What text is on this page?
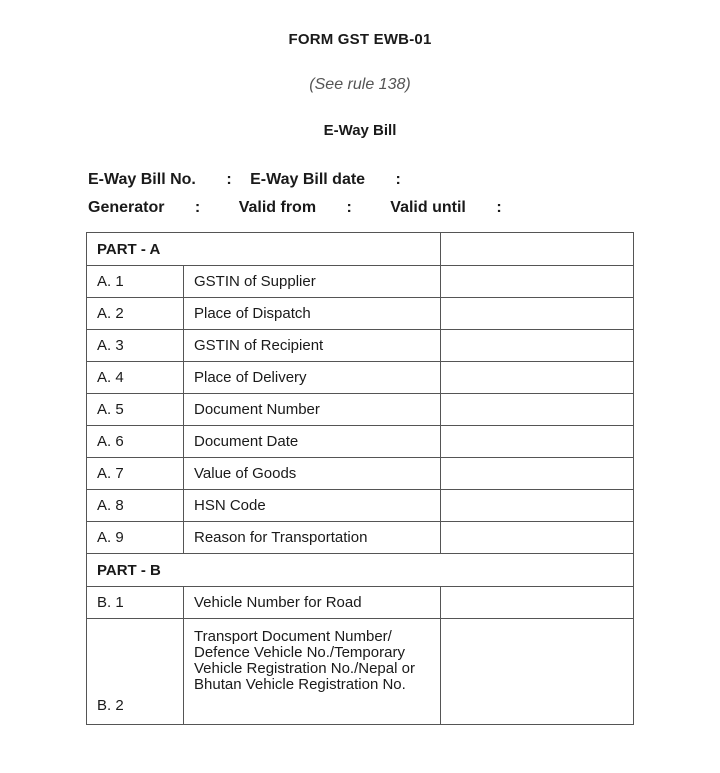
FORM GST EWB-01
(See rule 138)
E-Way Bill
E-Way Bill No. : E-Way Bill date :
Generator : Valid from : Valid until :
PART - A		
A. 1	GSTIN of Supplier	
A. 2	Place of Dispatch	
A. 3	GSTIN of Recipient	
A. 4	Place of Delivery	
A. 5	Document Number	
A. 6	Document Date	
A. 7	Value of Goods	
A. 8	HSN Code	
A. 9	Reason for Transportation	
PART - B		
B. 1	Vehicle Number for Road	
B. 2	Transport Document Number/ Defence Vehicle No./Temporary Vehicle Registration No./Nepal or Bhutan Vehicle Registration No.	
